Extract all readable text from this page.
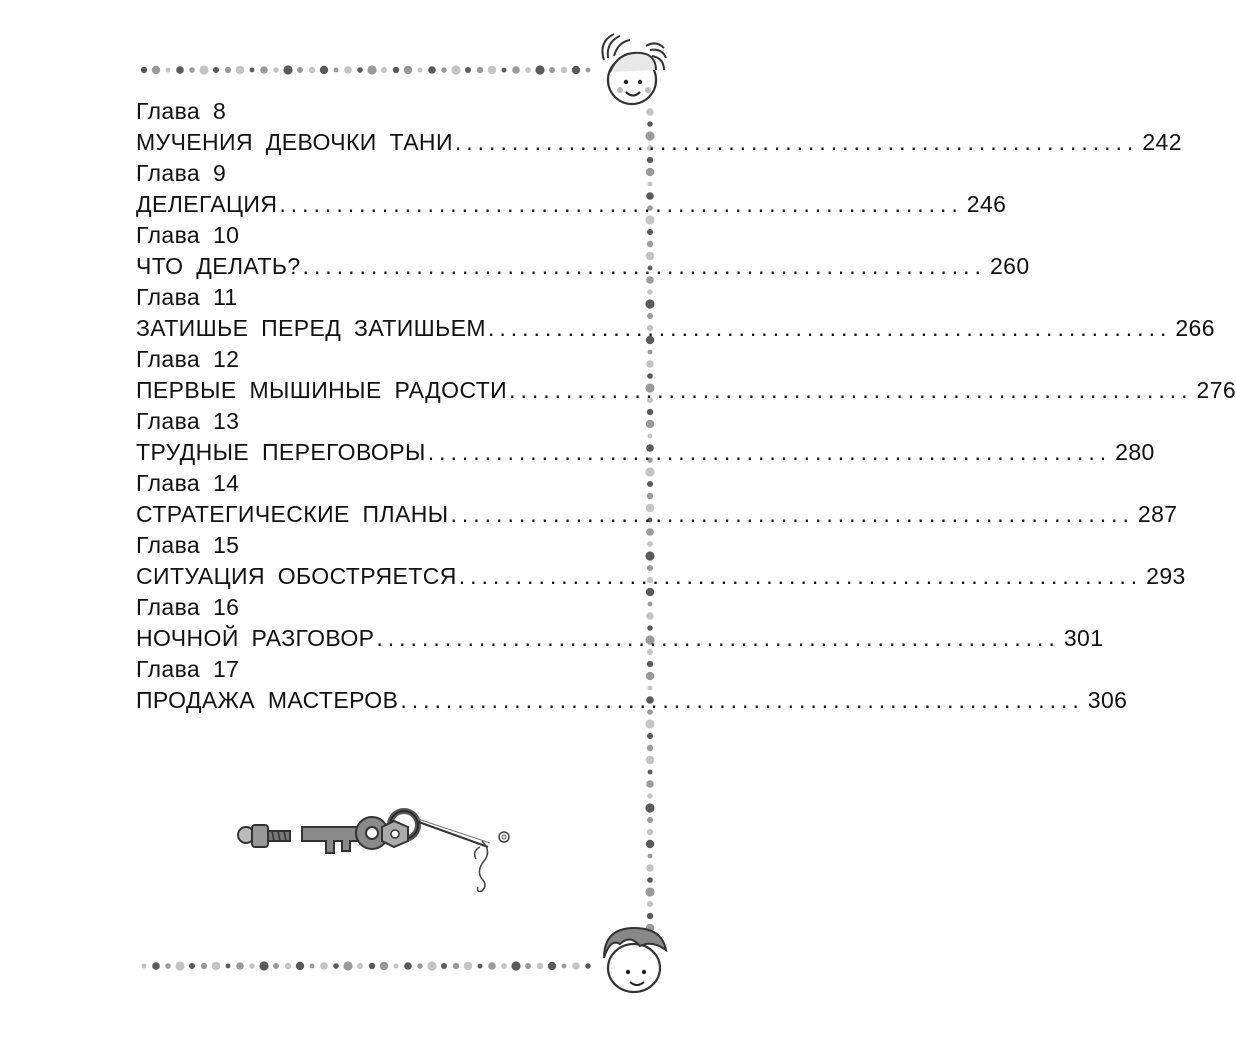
Глава 8
МУЧЕНИЯ ДЕВОЧКИ ТАНИ ............................................................ 242
Глава 9
ДЕЛЕГАЦИЯ ............................................................ 246
Глава 10
ЧТО ДЕЛАТЬ? ............................................................ 260
Глава 11
ЗАТИШЬЕ ПЕРЕД ЗАТИШЬЕМ ............................................................ 266
Глава 12
ПЕРВЫЕ МЫШИНЫЕ РАДОСТИ ............................................................ 276
Глава 13
ТРУДНЫЕ ПЕРЕГОВОРЫ ............................................................ 280
Глава 14
СТРАТЕГИЧЕСКИЕ ПЛАНЫ ............................................................ 287
Глава 15
СИТУАЦИЯ ОБОСТРЯЕТСЯ ............................................................ 293
Глава 16
НОЧНОЙ РАЗГОВОР ............................................................ 301
Глава 17
ПРОДАЖА МАСТЕРОВ ............................................................ 306
